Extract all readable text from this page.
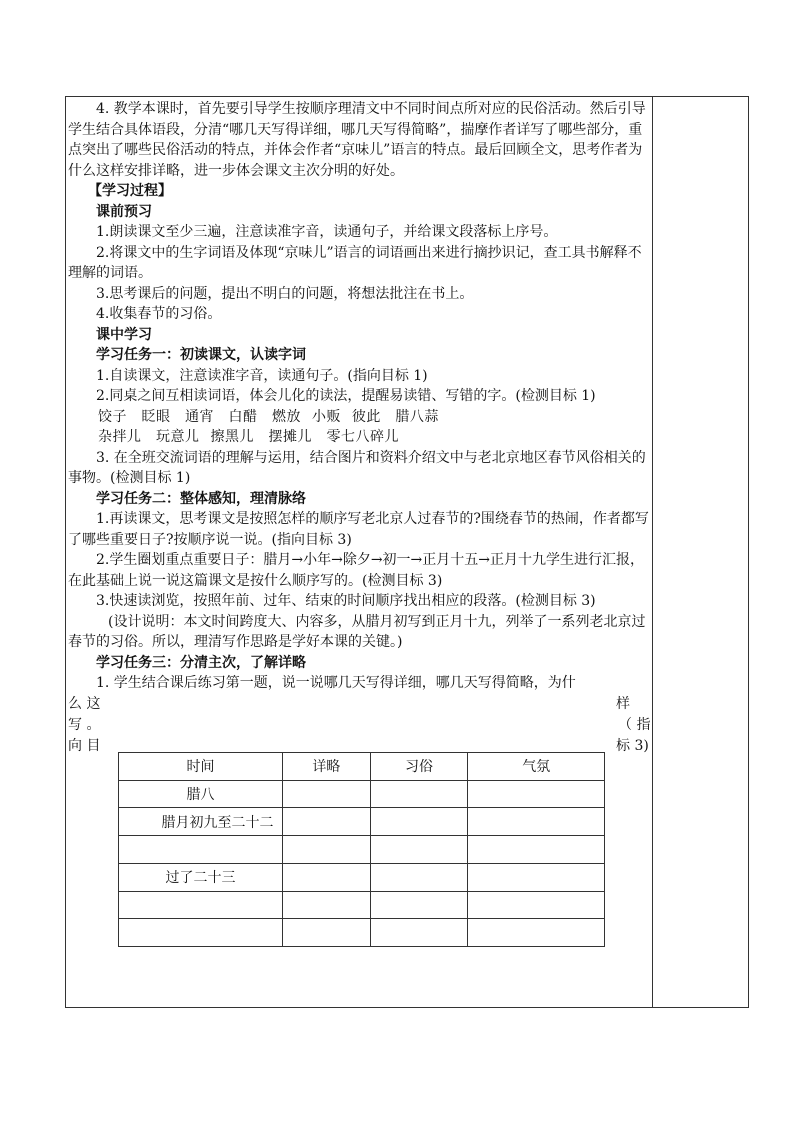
4. 教学本课时，首先要引导学生按顺序理清文中不同时间点所对应的民俗活动。然后引导学生结合具体语段，分清“哪几天写得详细，哪几天写得简略”，揣摩作者详写了哪些部分，重点突出了哪些民俗活动的特点，并体会作者“京味儿”语言的特点。最后回顾全文，思考作者为什么这样安排详略，进一步体会课文主次分明的好处。

【学习过程】

课前预习

1.朗读课文至少三遍，注意读准字音，读通句子，并给课文段落标上序号。

2.将课文中的生字词语及体现“京味儿”语言的词语画出来进行摘抄识记，查工具书解释不理解的词语。

3.思考课后的问题，提出不明白的问题，将想法批注在书上。

4.收集春节的习俗。

课中学习

学习任务一：初读课文，认读字词

1.自读课文，注意读准字音，读通句子。(指向目标 1)

2.同桌之间互相读词语，体会儿化的读法，提醒易读错、写错的字。(检测目标 1)

饺子　眨眼　通宵　白醋　燃放 小贩 彼此　腊八蒜

杂拌儿　玩意儿 擦黑儿　摆摊儿　零七八碎儿

3. 在全班交流词语的理解与运用，结合图片和资料介绍文中与老北京地区春节风俗相关的事物。(检测目标 1)

学习任务二：整体感知，理清脉络

1.再读课文，思考课文是按照怎样的顺序写老北京人过春节的?围绕春节的热闹，作者都写了哪些重要日子?按顺序说一说。(指向目标 3)

2.学生圈划重点重要日子：腊月→小年→除夕→初一→正月十五→正月十九学生进行汇报，在此基础上说一说这篇课文是按什么顺序写的。(检测目标 3)

3.快速读浏览，按照年前、过年、结束的时间顺序找出相应的段落。(检测目标 3)

(设计说明：本文时间跨度大、内容多，从腊月初写到正月十九，列举了一系列老北京过春节的习俗。所以，理清写作思路是学好本课的关键。)

学习任务三：分清主次，了解详略

1. 学生结合课后练习第一题，说一说哪几天写得详细，哪几天写得简略，为什

么 这
写 。
向 目
样
（ 指
标 3)
时间	详略	习俗	气氛
腊八			
腊月初九至二十二			

过了二十三			
